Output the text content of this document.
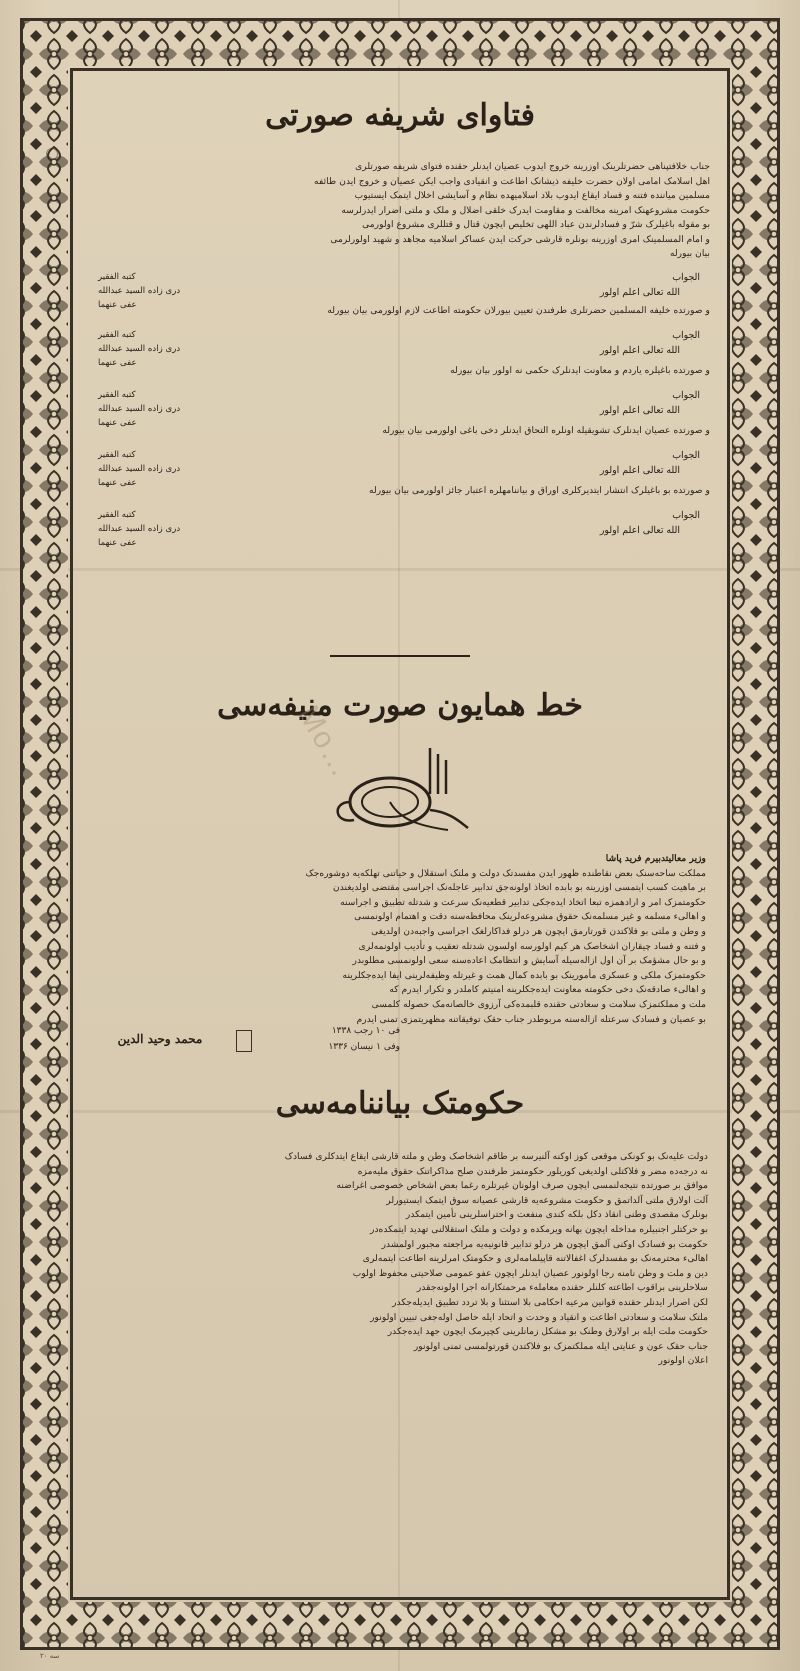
فتاوای شریفه صورتی
جناب خلافتپناهی حضرتلرینک اوزرینه خروج ایدوب عصیان ایدنلر حقنده فتوای شریفه صورتلری
اهل اسلامک امامی اولان حضرت خلیفه ذیشانک اطاعت و انقیادی واجب ایکن عصیان و خروج ایدن طائفه
مسلمین میاننده فتنه و فساد ایقاع ایدوب بلاد اسلامیهده نظام و آسایشی اخلال ایتمک ایستیوب
حکومت مشروعهنک امرینه مخالفت و مقاومت ایدرک خلقی اضلال و ملک و ملتی اضرار ایدرلرسه
بو مقوله باغیلرک شرّ و فسادلرندن عباد اللهی تخلیص ایچون قتال و قتللری مشروع اولورمی
و امام المسلمینک امری اوزرینه بونلره قارشی حرکت ایدن عساکر اسلامیه مجاهد و شهید اولورلرمی
بیان بیورله
الجواب
الله تعالی اعلم اولور
کتبه الفقیر
دری زاده السید عبدالله
عفی عنهما	و صورتده خلیفه المسلمین حضرتلری طرفندن تعیین بیورلان حکومته اطاعت لازم اولورمی بیان بیورله
الجواب
الله تعالی اعلم اولور
کتبه الفقیر
دری زاده السید عبدالله
عفی عنهما
و صورتده باغیلره یاردم و معاونت ایدنلرک حکمی نه اولور بیان بیورله
الجواب
الله تعالی اعلم اولور
کتبه الفقیر
دری زاده السید عبدالله
عفی عنهما
و صورتده عصیان ایدنلرک تشویقیله اونلره التحاق ایدنلر دخی باغی اولورمی بیان بیورله
الجواب
الله تعالی اعلم اولور
کتبه الفقیر
دری زاده السید عبدالله
عفی عنهما
و صورتده بو باغیلرک انتشار ایتدیرکلری اوراق و بیاننامهلره اعتبار جائز اولورمی بیان بیورله
الجواب
الله تعالی اعلم اولور
کتبه الفقیر
دری زاده السید عبدالله
عفی عنهما
خط همایون صورت منیفه‌سی
Mo…
وزیر معالیتدبیرم فرید پاشا
مملکت ساحه‌سنک بعض نقاطنده ظهور ایدن مفسدتک دولت و ملتک استقلال و حیاتنی تهلکه‌یه دوشوره‌جک
بر ماهیت کسب ایتمسی اوزرینه بو بابده اتخاذ اولونه‌جق تدابیر عاجله‌نک اجراسی مقتضی اولدیغندن
حکومتمزک امر و ارادهمزه تبعا اتخاذ ایده‌جکی تدابیر قطعیه‌نک سرعت و شدتله تطبیق و اجراسنه
و اهالیء مسلمه و غیر مسلمه‌نک حقوق مشروعه‌لرینک محافظه‌سنه دقت و اهتمام اولونمسی
و وطن و ملتی بو فلاکتدن قورتارمق ایچون هر درلو فداکارلغک اجراسی واجبه‌دن اولدیغی
و فتنه و فساد چیقاران اشخاصک هر کیم اولورسه اولسون شدتله تعقیب و تأدیب اولونمه‌لری
و بو حال مشؤمک بر آن اول ازاله‌سیله آسایش و انتظامک اعاده‌سنه سعی اولونمسی مطلوبدر
حکومتمزک ملکی و عسکری مأمورینک بو بابده کمال همت و غیرتله وظیفه‌لرینی ایفا ایده‌جکلرینه
و اهالیء صادقه‌نک دخی حکومته معاونت ایده‌جکلرینه امنیتم کاملدر و تکرار ایدرم که
ملت و مملکتمزک سلامت و سعادتی حقنده قلبمده‌کی آرزوی خالصانه‌مک حصوله کلمسی
بو عصیان و فسادک سرعتله ازاله‌سنه مربوطدر جناب حقک توفیقاتنه مظهریتمزی تمنی ایدرم
فی ۱۰ رجب ۱۳۳۸
وفی ۱ نیسان ۱۳۳۶
محمد وحید الدین
حکومتک بیاننامه‌سی
دولت علیه‌نک بو کونکی موقعی کوز اوکنه آلنیرسه بر طاقم اشخاصک وطن و ملته قارشی ایقاع ایتدکلری فسادک
نه درجه‌ده مضر و فلاکتلی اولدیغی کوریلور حکومتمز طرفندن صلح مذاکراتنک حقوق ملیه‌مزه
موافق بر صورتده نتیجه‌لنمسی ایچون صرف اولونان غیرتلره رغما بعض اشخاص خصوصی اغراضنه
آلت اولارق ملتی آلداتمق و حکومت مشروعه‌یه قارشی عصیانه سوق ایتمک ایستیورلر
بونلرک مقصدی وطنی انقاذ دکل بلکه کندی منفعت و احتراسلرینی تأمین ایتمکدر
بو حرکتلر اجنبیلره مداخله ایچون بهانه ویرمکده و دولت و ملتک استقلالنی تهدید ایتمکده‌در
حکومت بو فسادک اوکنی آلمق ایچون هر درلو تدابیر قانونیه‌یه مراجعته مجبور اولمشدر
اهالیء محترمه‌نک بو مفسدلرک اغفالاتنه قاپیلمامه‌لری و حکومتک امرلرینه اطاعت ایتمه‌لری
دین و ملت و وطن نامنه رجا اولونور عصیان ایدنلر ایچون عفو عمومی صلاحیتی محفوظ اولوب
سلاحلرینی براقوب اطاعته کلنلر حقنده معامله‌ء مرحمتکارانه اجرا اولونه‌جقدر
لکن اصرار ایدنلر حقنده قوانین مرعیه احکامی بلا استثنا و بلا تردد تطبیق ایدیله‌جکدر
ملتک سلامت و سعادتی اطاعت و انقیاد و وحدت و اتحاد ایله حاصل اوله‌جغی تبیین اولونور
حکومت ملت ایله بر اولارق وطنک بو مشکل زمانلرینی کچیرمک ایچون جهد ایده‌جکدر
جناب حقک عون و عنایتی ایله مملکتمزک بو فلاکتدن قورتولمسی تمنی اولونور
اعلان اولونور
سه ۲۰
